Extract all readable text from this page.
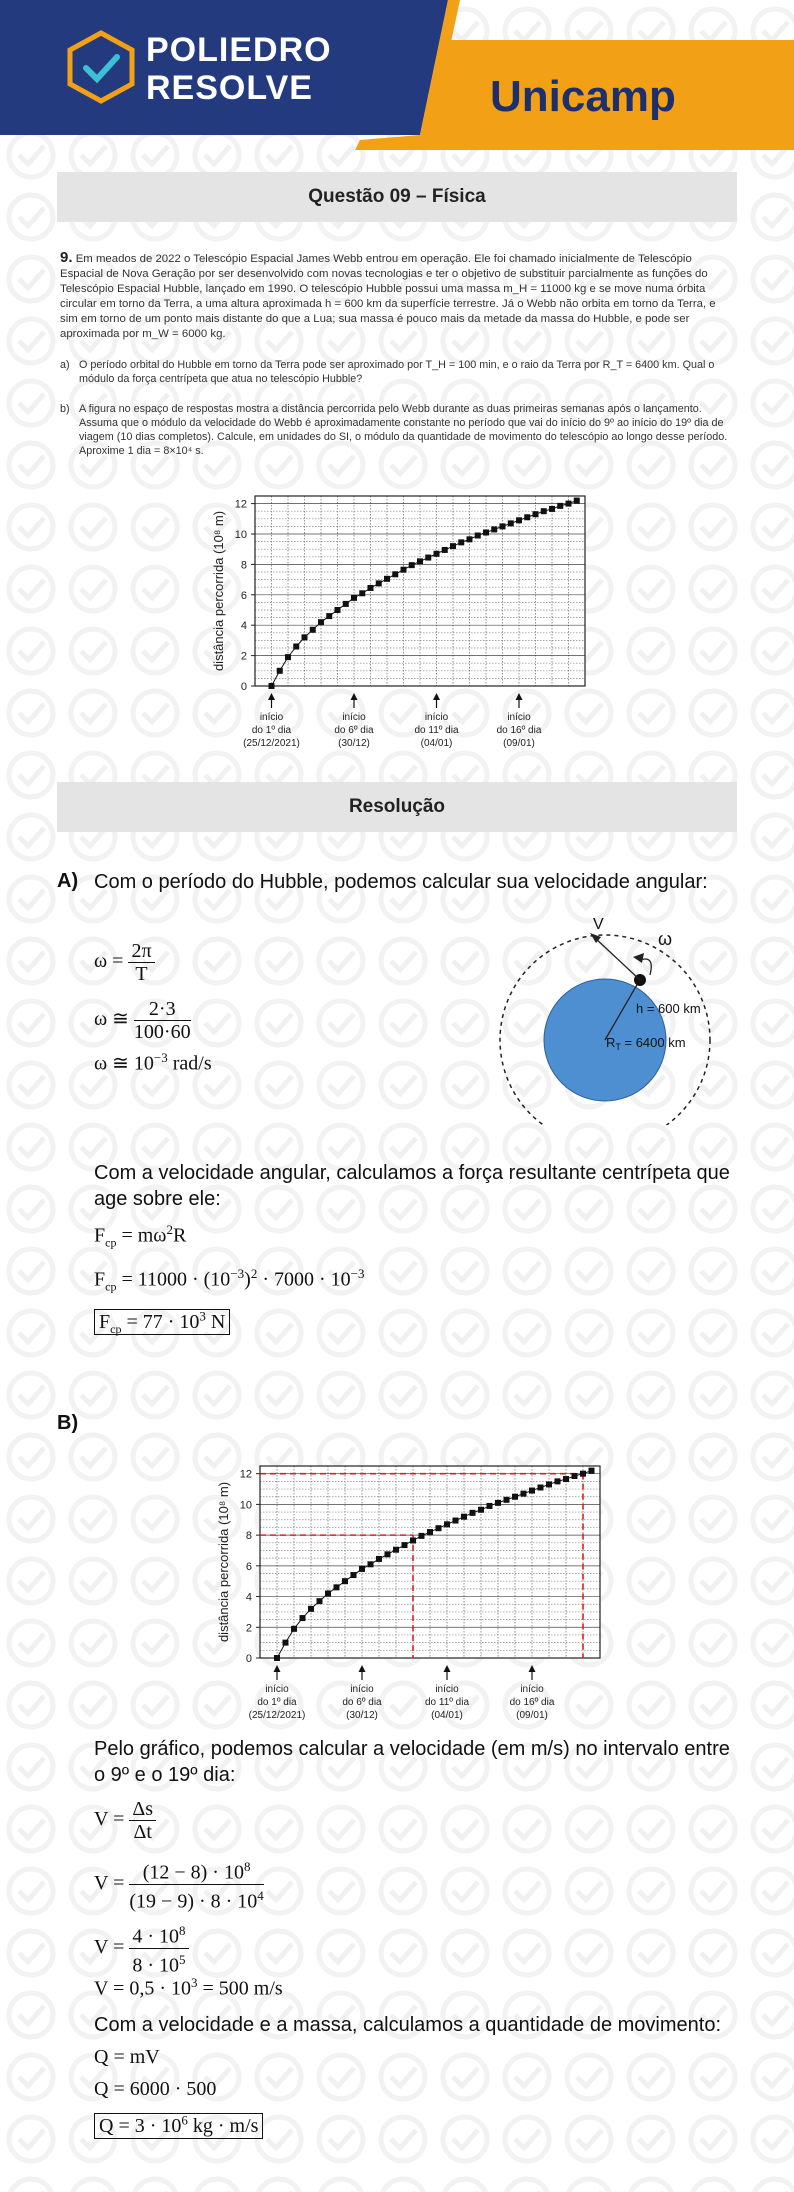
POLIEDRO
RESOLVE	Unicamp
Questão 09 – Física
9. Em meados de 2022 o Telescópio Espacial James Webb entrou em operação. Ele foi chamado inicialmente de Telescópio Espacial de Nova Geração por ser desenvolvido com novas tecnologias e ter o objetivo de substituir parcialmente as funções do Telescópio Espacial Hubble, lançado em 1990. O telescópio Hubble possui uma massa m_H = 11000 kg e se move numa órbita circular em torno da Terra, a uma altura aproximada h = 600 km da superfície terrestre. Já o Webb não orbita em torno da Terra, e sim em torno de um ponto mais distante do que a Lua; sua massa é pouco mais da metade da massa do Hubble, e pode ser aproximada por m_W = 6000 kg.
a) O período orbital do Hubble em torno da Terra pode ser aproximado por T_H = 100 min, e o raio da Terra por R_T = 6400 km. Qual o módulo da força centrípeta que atua no telescópio Hubble?
b) A figura no espaço de respostas mostra a distância percorrida pelo Webb durante as duas primeiras semanas após o lançamento. Assuma que o módulo da velocidade do Webb é aproximadamente constante no período que vai do início do 9º ao início do 19º dia de viagem (10 dias completos). Calcule, em unidades do SI, o módulo da quantidade de movimento do telescópio ao longo desse período. Aproxime 1 dia = 8×10⁴ s.
0
2
4
6
8
10
12
distância percorrida (10⁸ m)
início
do 1º dia
(25/12/2021)
início
do 6º dia
(30/12)
início
do 11º dia
(04/01)
início
do 16º dia
(09/01)
Resolução
A) Com o período do Hubble, podemos calcular sua velocidade angular:
$\omega = \frac{2\pi}{T}$
ω ≅ $\frac{2\cdot 3}{100\cdot 60}$
ω ≅ $10^{-3}$ rad/s
V
ω
h = 600 km
$R_T = 6400$ km
Com a velocidade angular, calculamos a força resultante centrípeta que age sobre ele:
$F_{cp} = m\omega^2R$
$F_{cp} = 11000 \cdot (10^{-3})^2 \cdot 7000 \cdot 10^{-3}$
$F_{cp} = 77 \cdot 10^3$ N
B)
0
2
4
6
8
10
12
distância percorrida (10⁸ m)
início
do 1º dia
(25/12/2021)
início
do 6º dia
(30/12)
início
do 11º dia
(04/01)
início
do 16º dia
(09/01)
Pelo gráfico, podemos calcular a velocidade (em m/s) no intervalo entre o 9º e o 19º dia:
$V = \frac{\Delta s}{\Delta t}$
$V = \frac{(12 - 8) \cdot 10^8}{(19 - 9) \cdot 8 \cdot 10^4}$
$V = \frac{4 \cdot 10^8}{8 \cdot 10^5}$
$V = 0,5 \cdot 10^3 = 500$ m/s
Com a velocidade e a massa, calculamos a quantidade de movimento:
Q = mV
Q = 6000 · 500
$Q = 3 \cdot 10^6$ kg · m/s
